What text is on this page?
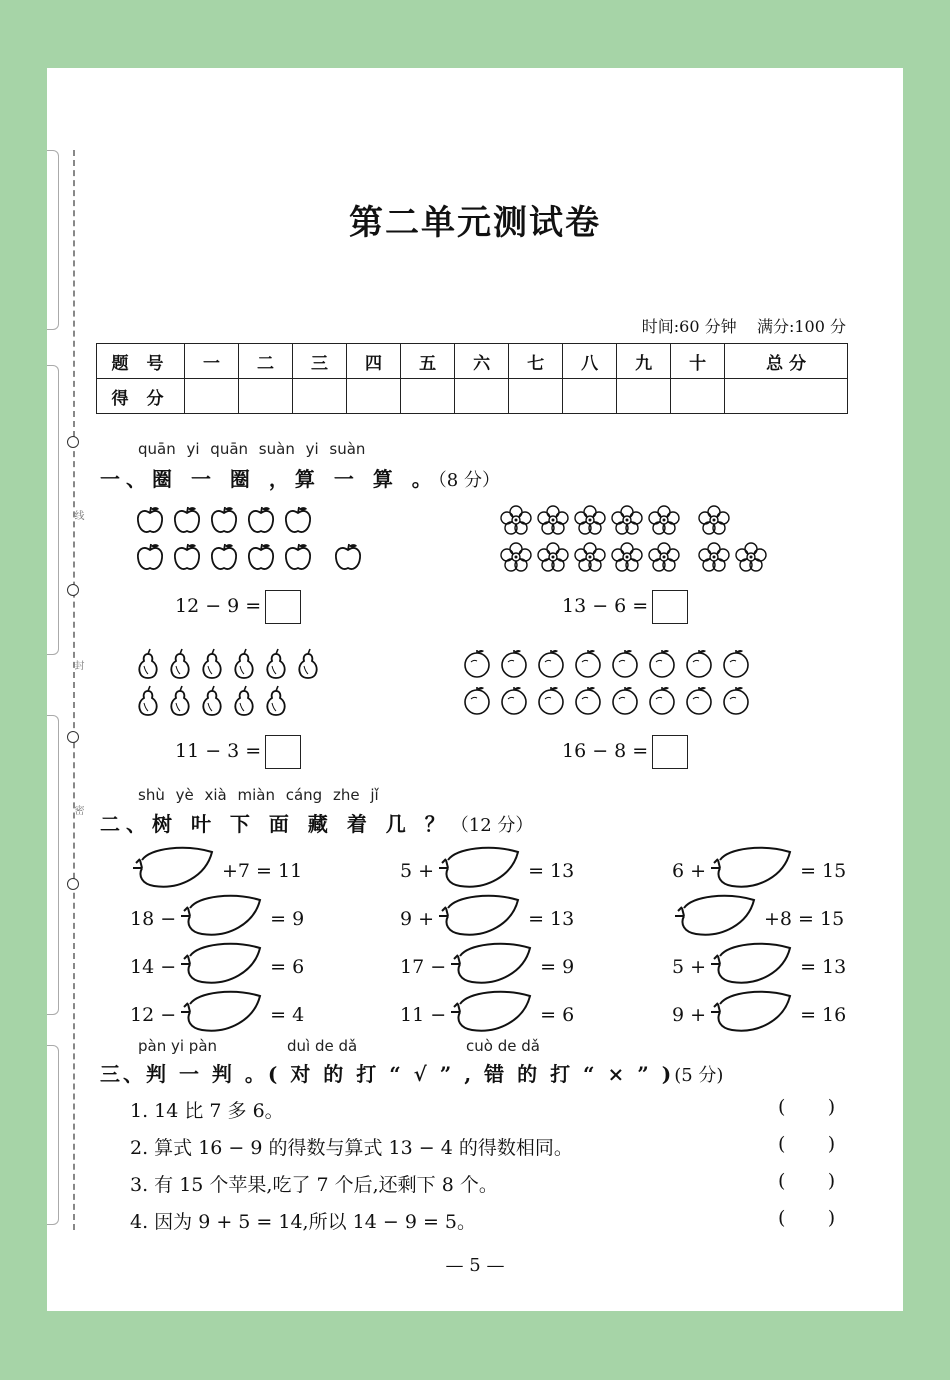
线
封
密
第二单元测试卷
时间:60 分钟 满分:100 分
题 号	一	二	三	四	五	六	七	八	九	十	总 分
得 分											
quān yi quān suàn yi suàn
一、圈 一 圈 ，算 一 算 。（8 分）
12 − 9 =	13 − 6 =
11 − 3 =	16 − 8 =
shù yè xià miàn cáng zhe jǐ
二、树 叶 下 面 藏 着 几 ？（12 分）
+7 = 11	5 +	= 13	6 +	= 15
18 −	= 9	9 +	= 13	+8 = 15
14 −	= 6	17 −	= 9	5 +	= 13
12 −	= 4	11 −	= 6	9 +	= 16
pàn yi pàn	duì de dǎ	cuò de dǎ
三、判 一 判 。( 对 的 打 “ √ ” , 错 的 打 “ × ” )(5 分)
1. 14 比 7 多 6。
2. 算式 16 − 9 的得数与算式 13 − 4 的得数相同。
3. 有 15 个苹果,吃了 7 个后,还剩下 8 个。
4. 因为 9 + 5 = 14,所以 14 − 9 = 5。
(       )
(       )
(       )
(       )
— 5 —
